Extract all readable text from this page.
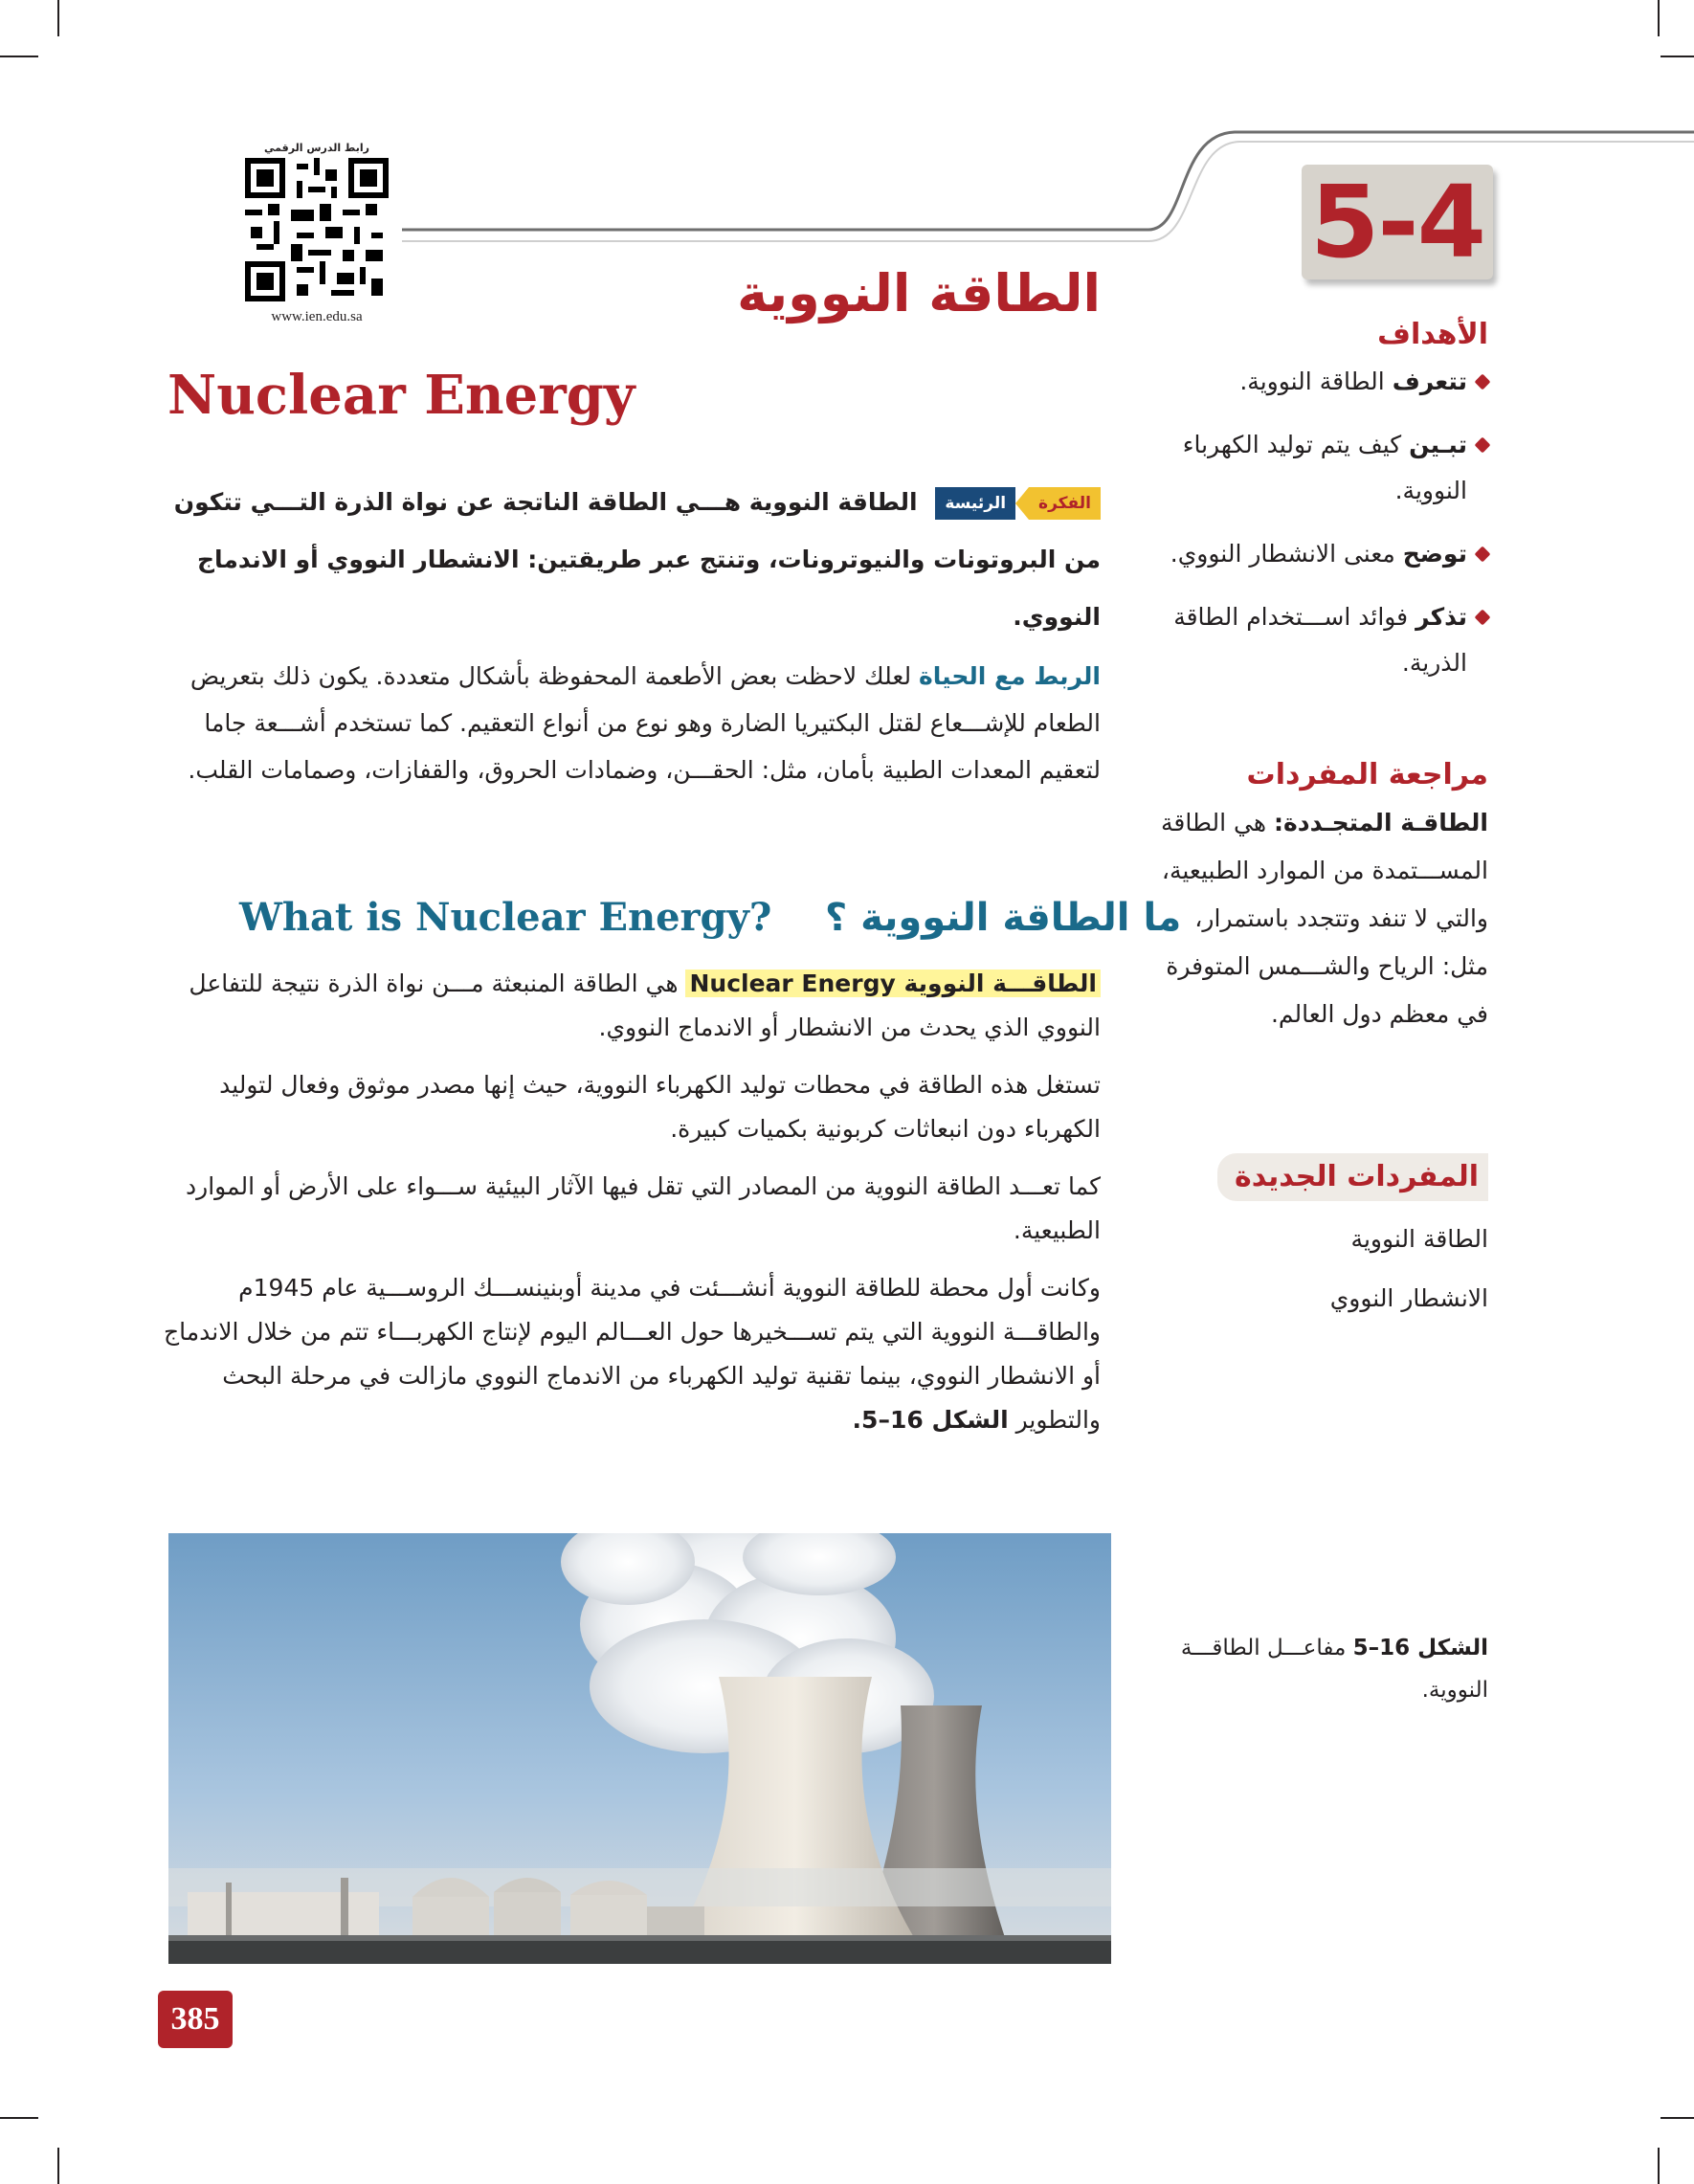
5-4
رابط الدرس الرقمي
www.ien.edu.sa	الطاقة النووية
Nuclear Energy
الرئيسة الفكرة الطاقة النووية هـــي الطاقة الناتجة عن نواة الذرة التـــي تتكون من البروتونات والنيوترونات، وتنتج عبر طريقتين: الانشطار النووي أو الاندماج النووي.
الربط مع الحياة لعلك لاحظت بعض الأطعمة المحفوظة بأشكال متعددة. يكون ذلك بتعريض الطعام للإشـــعاع لقتل البكتيريا الضارة وهو نوع من أنواع التعقيم. كما تستخدم أشـــعة جاما لتعقيم المعدات الطبية بأمان، مثل: الحقـــن، وضمادات الحروق، والقفازات، وصمامات القلب.
What is Nuclear Energy? ما الطاقة النووية ؟

الطاقـــة النووية Nuclear Energy هي الطاقة المنبعثة مـــن نواة الذرة نتيجة للتفاعل النووي الذي يحدث من الانشطار أو الاندماج النووي.

تستغل هذه الطاقة في محطات توليد الكهرباء النووية، حيث إنها مصدر موثوق وفعال لتوليد الكهرباء دون انبعاثات كربونية بكميات كبيرة.

كما تعـــد الطاقة النووية من المصادر التي تقل فيها الآثار البيئية ســـواء على الأرض أو الموارد الطبيعية.

وكانت أول محطة للطاقة النووية أنشـــئت في مدينة أوبنينســـك الروســـية عام 1945م والطاقـــة النووية التي يتم تســـخيرها حول العـــالم اليوم لإنتاج الكهربـــاء تتم من خلال الاندماج أو الانشطار النووي، بينما تقنية توليد الكهرباء من الاندماج النووي مازالت في مرحلة البحث والتطوير الشكل 16–5.

الأهداف
تتعرف الطاقة النووية.
تبـين كيف يتم توليد الكهرباء النووية.
توضح معنى الانشطار النووي.
تذكر فوائد اســـتخدام الطاقة الذرية.
مراجعة المفردات
الطاقـة المتجـددة: هي الطاقة المســـتمدة من الموارد الطبيعية، والتي لا تنفد وتتجدد باستمرار، مثل: الرياح والشـــمس المتوفرة في معظم دول العالم.
المفردات الجديدة
الطاقة النووية
الانشطار النووي
الشكل 16–5 مفاعـــل الطاقـــة النووية.
385
